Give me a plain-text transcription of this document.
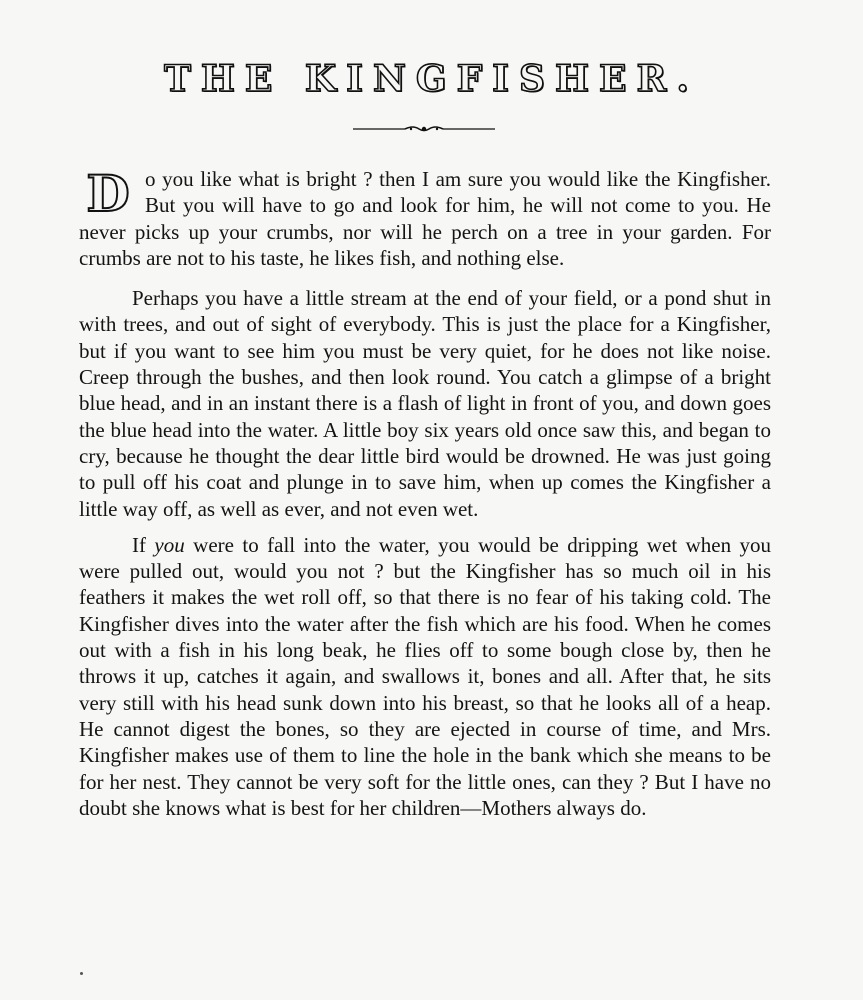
THE KINGFISHER.

Do you like what is bright ? then I am sure you would like the Kingfisher. But you will have to go and look for him, he will not come to you. He never picks up your crumbs, nor will he perch on a tree in your garden. For crumbs are not to his taste, he likes fish, and nothing else.

Perhaps you have a little stream at the end of your field, or a pond shut in with trees, and out of sight of everybody. This is just the place for a Kingfisher, but if you want to see him you must be very quiet, for he does not like noise. Creep through the bushes, and then look round. You catch a glimpse of a bright blue head, and in an instant there is a flash of light in front of you, and down goes the blue head into the water. A little boy six years old once saw this, and began to cry, because he thought the dear little bird would be drowned. He was just going to pull off his coat and plunge in to save him, when up comes the Kingfisher a little way off, as well as ever, and not even wet.

If you were to fall into the water, you would be dripping wet when you were pulled out, would you not ? but the Kingfisher has so much oil in his feathers it makes the wet roll off, so that there is no fear of his taking cold. The Kingfisher dives into the water after the fish which are his food. When he comes out with a fish in his long beak, he flies off to some bough close by, then he throws it up, catches it again, and swallows it, bones and all. After that, he sits very still with his head sunk down into his breast, so that he looks all of a heap. He cannot digest the bones, so they are ejected in course of time, and Mrs. Kingfisher makes use of them to line the hole in the bank which she means to be for her nest. They cannot be very soft for the little ones, can they ? But I have no doubt she knows what is best for her children—Mothers always do.
